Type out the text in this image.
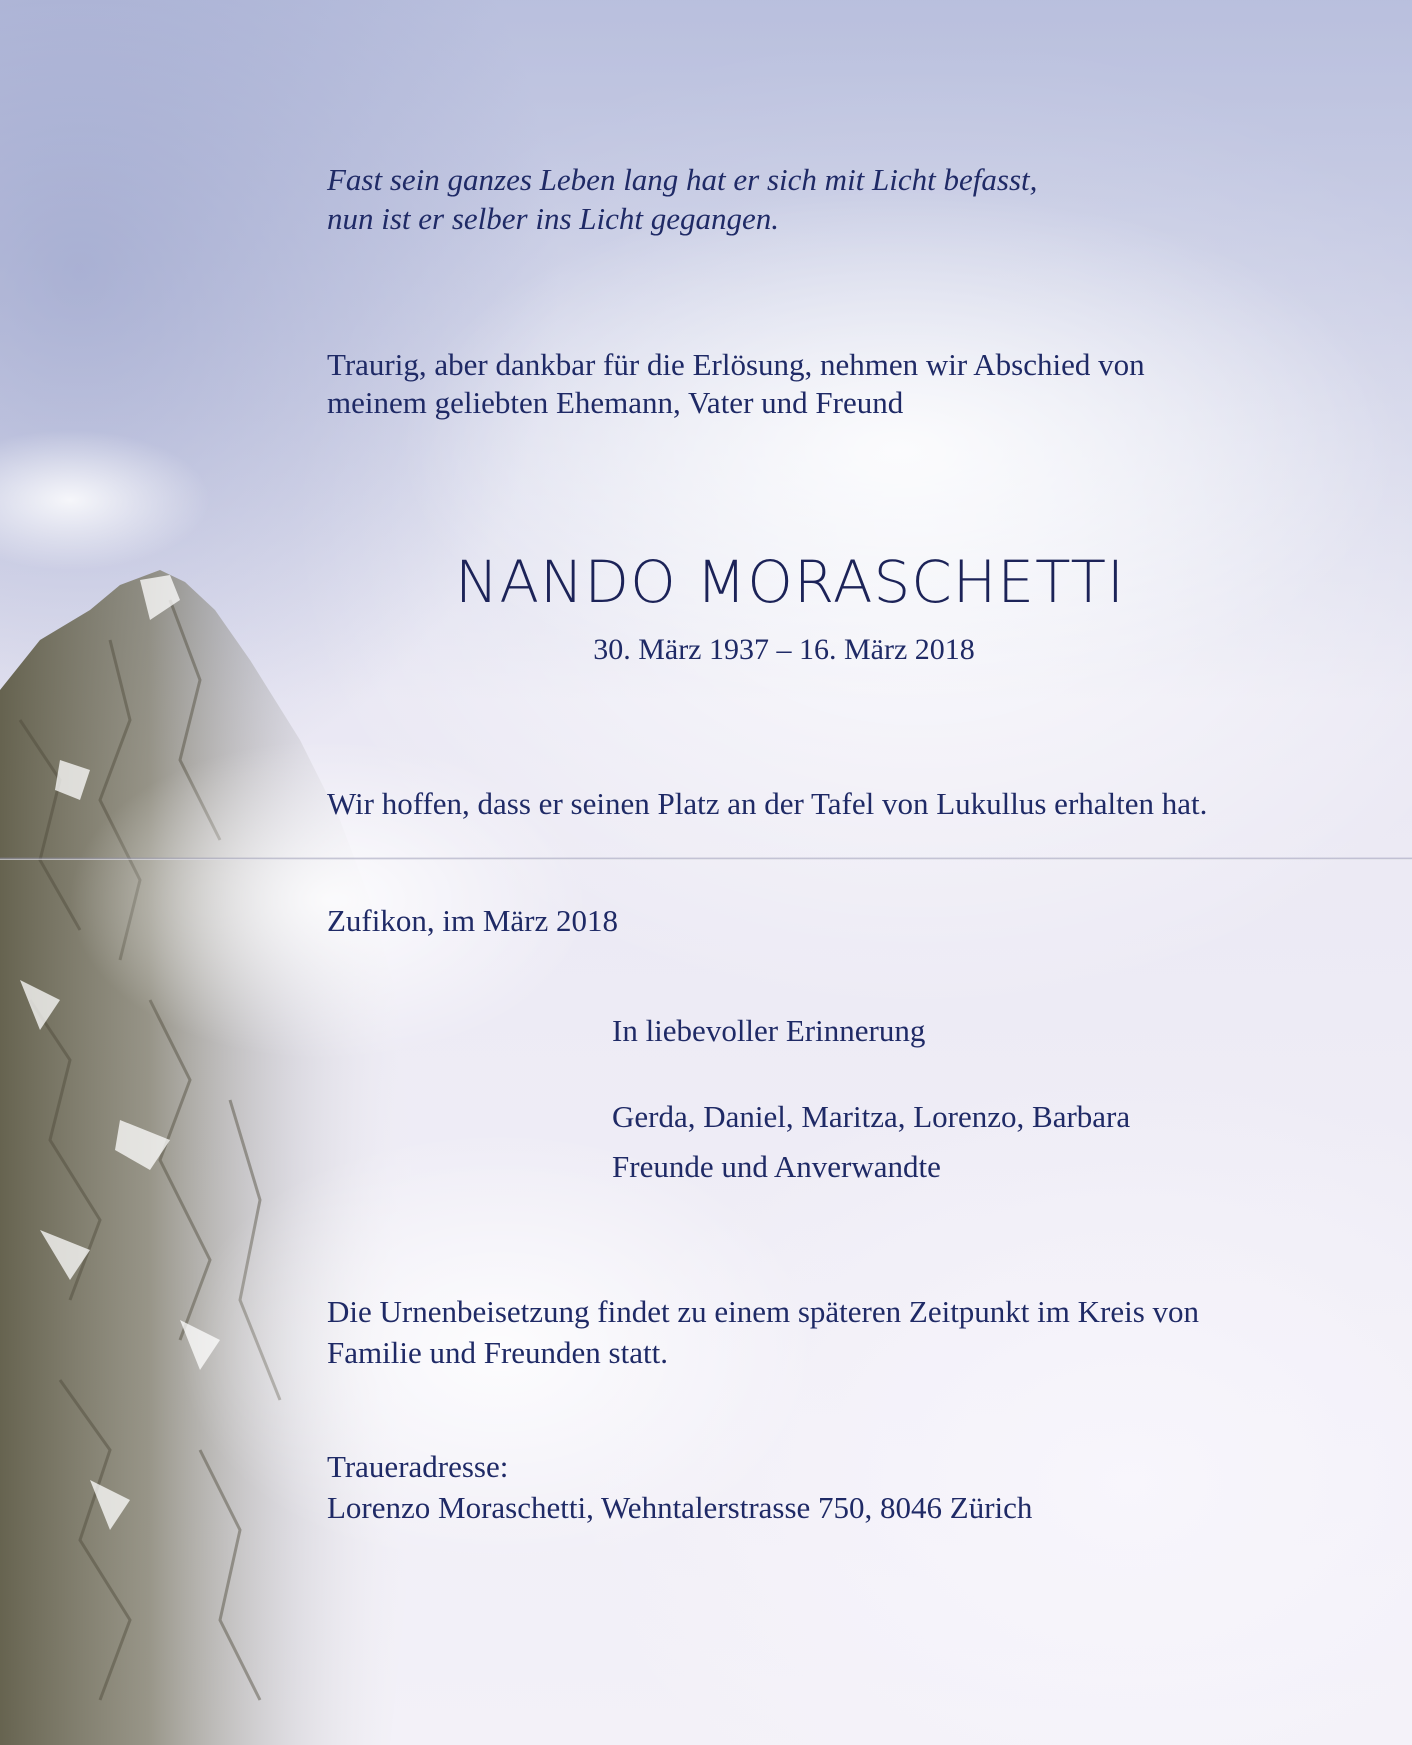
Fast sein ganzes Leben lang hat er sich mit Licht befasst,
nun ist er selber ins Licht gegangen.
Traurig, aber dankbar für die Erlösung, nehmen wir Abschied von
meinem geliebten Ehemann, Vater und Freund
NANDO MORASCHETTI
30. März 1937 – 16. März 2018
Wir hoffen, dass er seinen Platz an der Tafel von Lukullus erhalten hat.
Zufikon, im März 2018
In liebevoller Erinnerung
Gerda, Daniel, Maritza, Lorenzo, Barbara
Freunde und Anverwandte
Die Urnenbeisetzung findet zu einem späteren Zeitpunkt im Kreis von
Familie und Freunden statt.
Traueradresse:
Lorenzo Moraschetti, Wehntalerstrasse 750, 8046 Zürich
